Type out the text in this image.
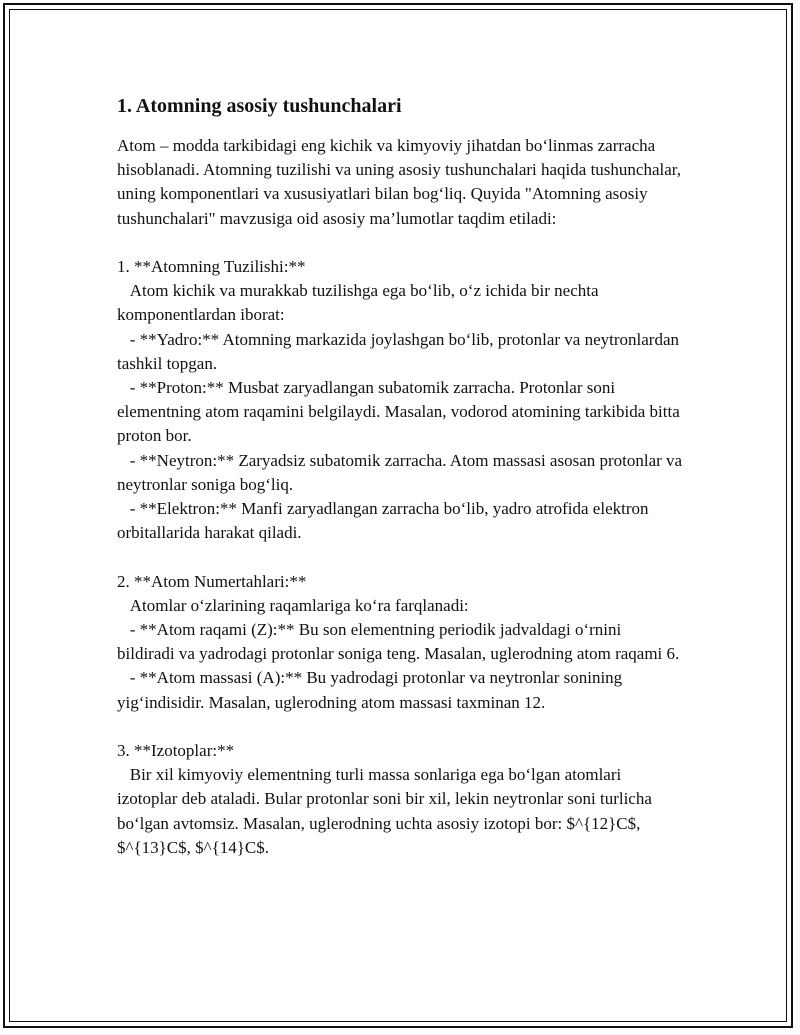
1. Atomning asosiy tushunchalari

Atom – modda tarkibidagi eng kichik va kimyoviy jihatdan bo‘linmas zarracha hisoblanadi. Atomning tuzilishi va uning asosiy tushunchalari haqida tushunchalar, uning komponentlari va xususiyatlari bilan bog‘liq. Quyida "Atomning asosiy tushunchalari" mavzusiga oid asosiy ma’lumotlar taqdim etiladi:

1. **Atomning Tuzilishi:**

Atom kichik va murakkab tuzilishga ega bo‘lib, o‘z ichida bir nechta komponentlardan iborat:

- **Yadro:** Atomning markazida joylashgan bo‘lib, protonlar va neytronlardan tashkil topgan.

- **Proton:** Musbat zaryadlangan subatomik zarracha. Protonlar soni elementning atom raqamini belgilaydi. Masalan, vodorod atomining tarkibida bitta proton bor.

- **Neytron:** Zaryadsiz subatomik zarracha. Atom massasi asosan protonlar va neytronlar soniga bog‘liq.

- **Elektron:** Manfi zaryadlangan zarracha bo‘lib, yadro atrofida elektron orbitallarida harakat qiladi.

2. **Atom Numertahlari:**

Atomlar o‘zlarining raqamlariga ko‘ra farqlanadi:

- **Atom raqami (Z):** Bu son elementning periodik jadvaldagi o‘rnini bildiradi va yadrodagi protonlar soniga teng. Masalan, uglerodning atom raqami 6.

- **Atom massasi (A):** Bu yadrodagi protonlar va neytronlar sonining yig‘indisidir. Masalan, uglerodning atom massasi taxminan 12.

3. **Izotoplar:**

Bir xil kimyoviy elementning turli massa sonlariga ega bo‘lgan atomlari izotoplar deb ataladi. Bular protonlar soni bir xil, lekin neytronlar soni turlicha bo‘lgan avtomsiz. Masalan, uglerodning uchta asosiy izotopi bor: $^{12}C$, $^{13}C$, $^{14}C$.
